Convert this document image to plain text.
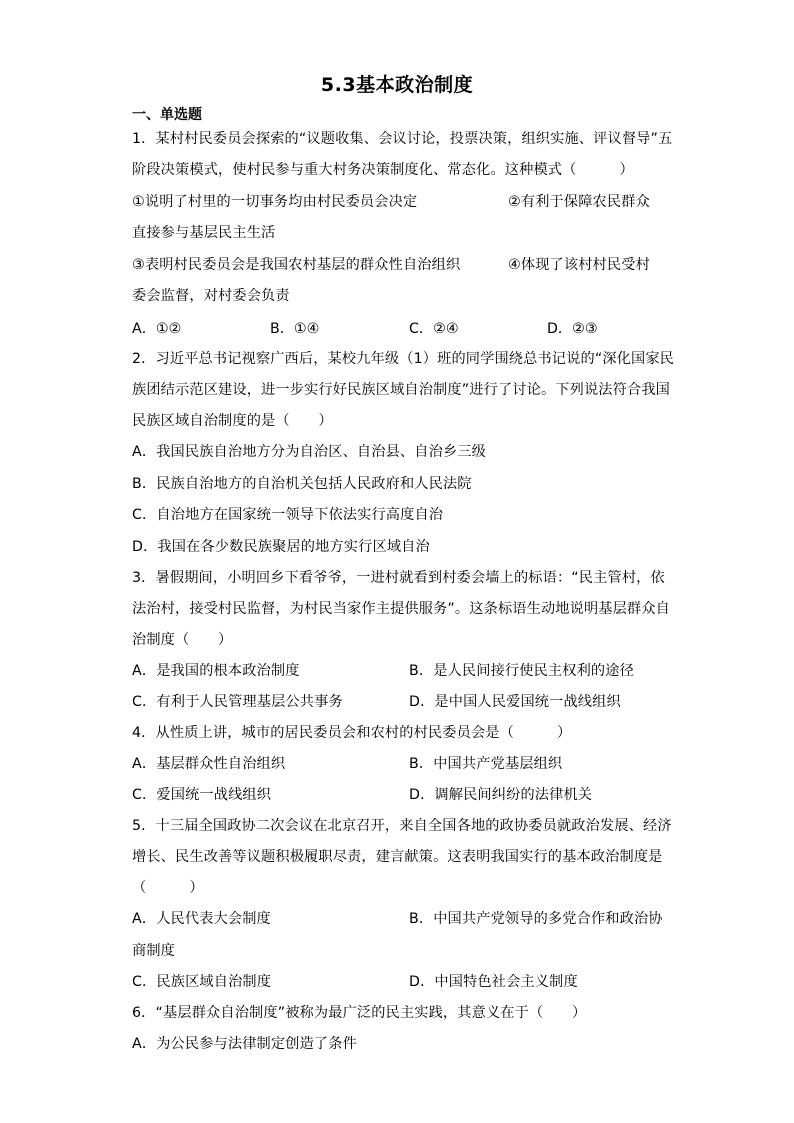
5.3基本政治制度
一、单选题
1．某村村民委员会探索的“议题收集、会议讨论，投票决策，组织实施、评议督导”五
阶段决策模式，使村民参与重大村务决策制度化、常态化。这种模式（　　　）
①说明了村里的一切事务均由村民委员会决定	②有利于保障农民群众
直接参与基层民主生活
③表明村民委员会是我国农村基层的群众性自治组织	④体现了该村村民受村
委会监督，对村委会负责
A．①②	B．①④	C．②④	D．②③
2．习近平总书记视察广西后，某校九年级（1）班的同学围绕总书记说的“深化国家民
族团结示范区建设，进一步实行好民族区域自治制度”进行了讨论。下列说法符合我国
民族区域自治制度的是（　　）
A．我国民族自治地方分为自治区、自治县、自治乡三级
B．民族自治地方的自治机关包括人民政府和人民法院
C．自治地方在国家统一领导下依法实行高度自治
D．我国在各少数民族聚居的地方实行区域自治
3．暑假期间，小明回乡下看爷爷，一进村就看到村委会墙上的标语：“民主管村，依
法治村，接受村民监督，为村民当家作主提供服务”。这条标语生动地说明基层群众自
治制度（　　）
A．是我国的根本政治制度	B．是人民间接行使民主权利的途径
C．有利于人民管理基层公共事务	D．是中国人民爱国统一战线组织
4．从性质上讲，城市的居民委员会和农村的村民委员会是（　　　）
A．基层群众性自治组织	B．中国共产党基层组织
C．爱国统一战线组织	D．调解民间纠纷的法律机关
5．十三届全国政协二次会议在北京召开，来自全国各地的政协委员就政治发展、经济
增长、民生改善等议题积极履职尽责，建言献策。这表明我国实行的基本政治制度是
（　　　）
A．人民代表大会制度	B．中国共产党领导的多党合作和政治协
商制度
C．民族区域自治制度	D．中国特色社会主义制度
6．“基层群众自治制度”被称为最广泛的民主实践，其意义在于（　　）
A．为公民参与法律制定创造了条件
